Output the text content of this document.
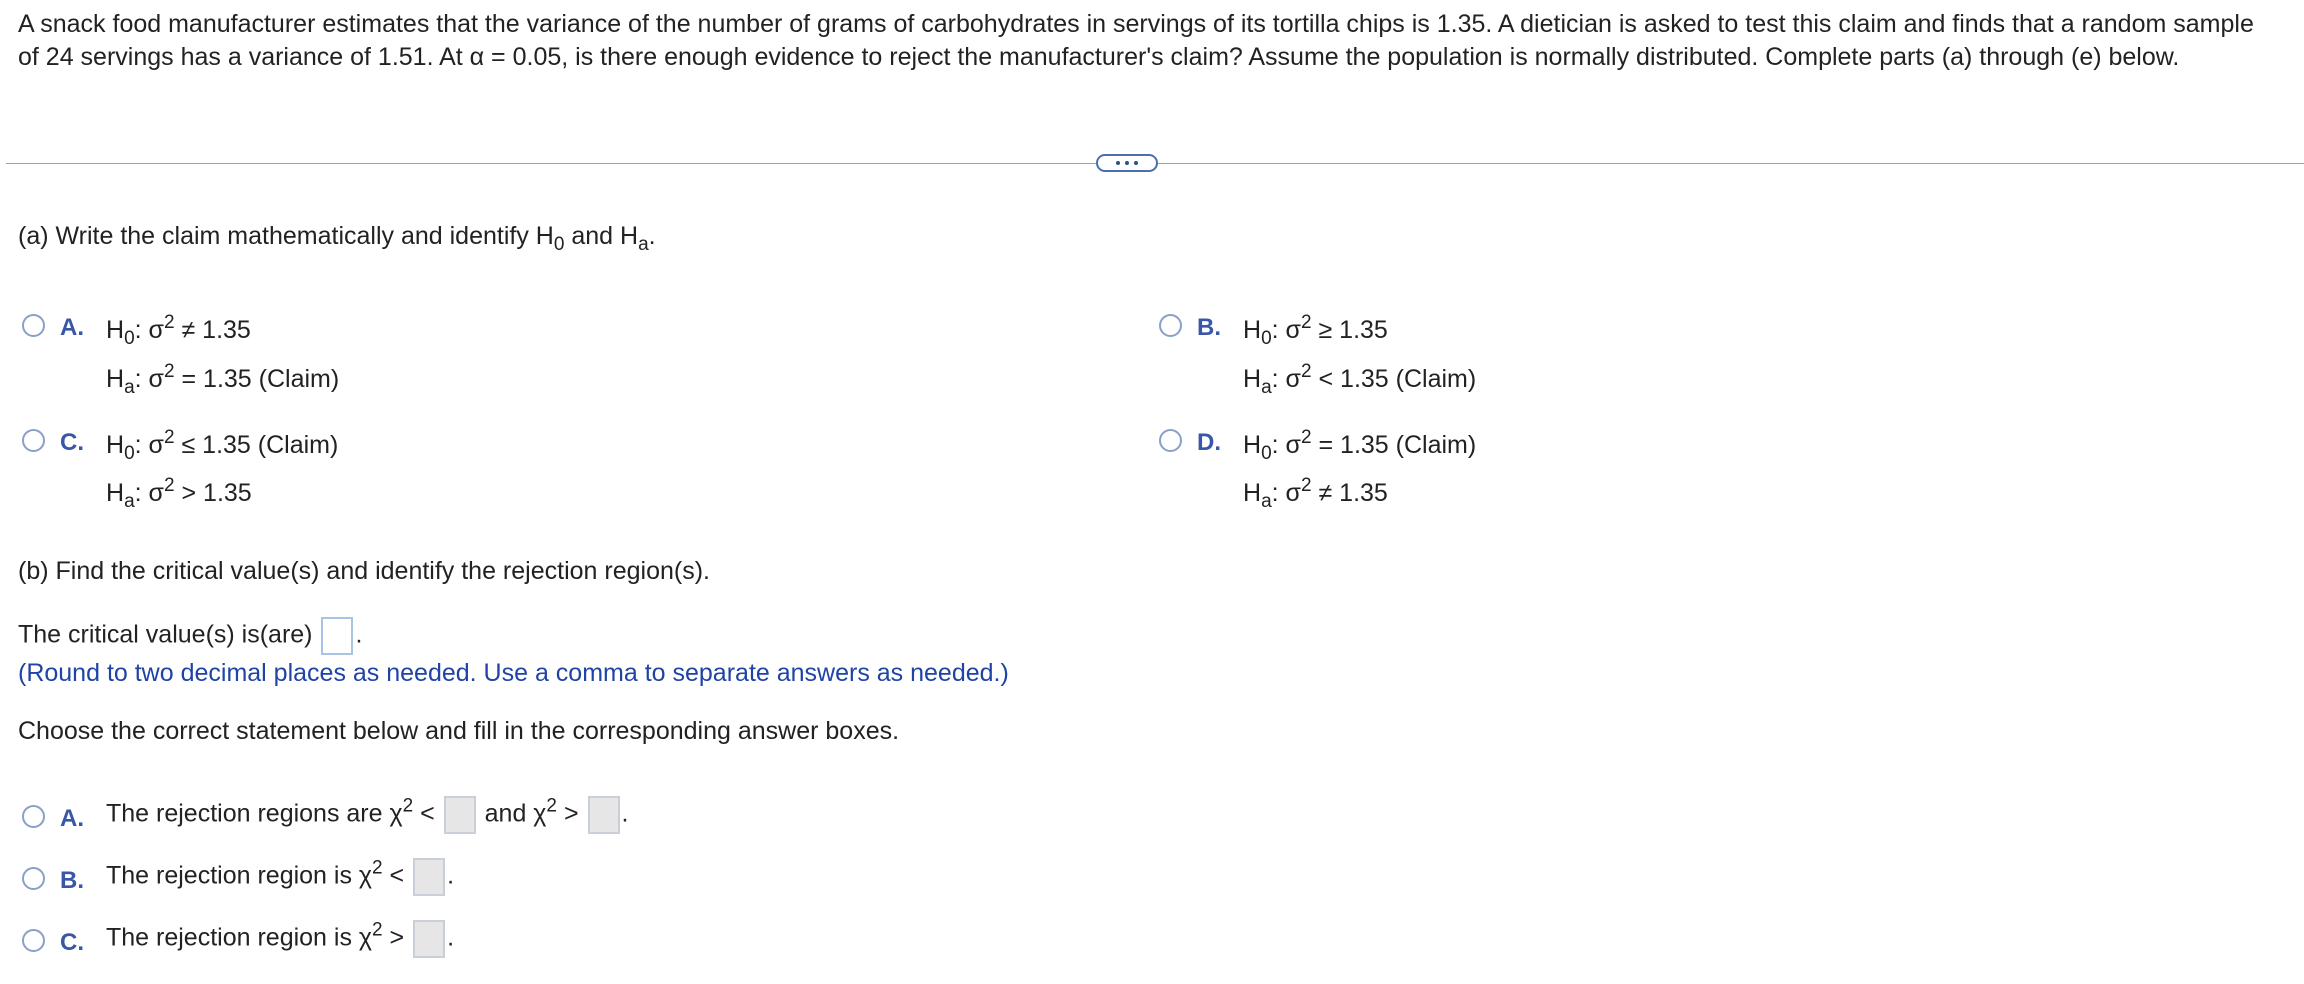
A snack food manufacturer estimates that the variance of the number of grams of carbohydrates in servings of its tortilla chips is 1.35. A dietician is asked to test this claim and finds that a random sample of 24 servings has a variance of 1.51. At α = 0.05, is there enough evidence to reject the manufacturer's claim? Assume the population is normally distributed. Complete parts (a) through (e) below.
(a) Write the claim mathematically and identify $H_0$ and $H_a$.
A. $H_0$: $\sigma^2 \ne 1.35$
$H_a$: $\sigma^2 = 1.35$ (Claim)
B. $H_0$: $\sigma^2 \ge 1.35$
$H_a$: $\sigma^2 < 1.35$ (Claim)
C. $H_0$: $\sigma^2 \le 1.35$ (Claim)
$H_a$: $\sigma^2 > 1.35$
D. $H_0$: $\sigma^2 = 1.35$ (Claim)
$H_a$: $\sigma^2 \ne 1.35$
(b) Find the critical value(s) and identify the rejection region(s).
The critical value(s) is(are) .
(Round to two decimal places as needed. Use a comma to separate answers as needed.)
Choose the correct statement below and fill in the corresponding answer boxes.
A. The rejection regions are $\chi^2$ < and $\chi^2$ > .
B. The rejection region is $\chi^2$ < .
C. The rejection region is $\chi^2$ > .
